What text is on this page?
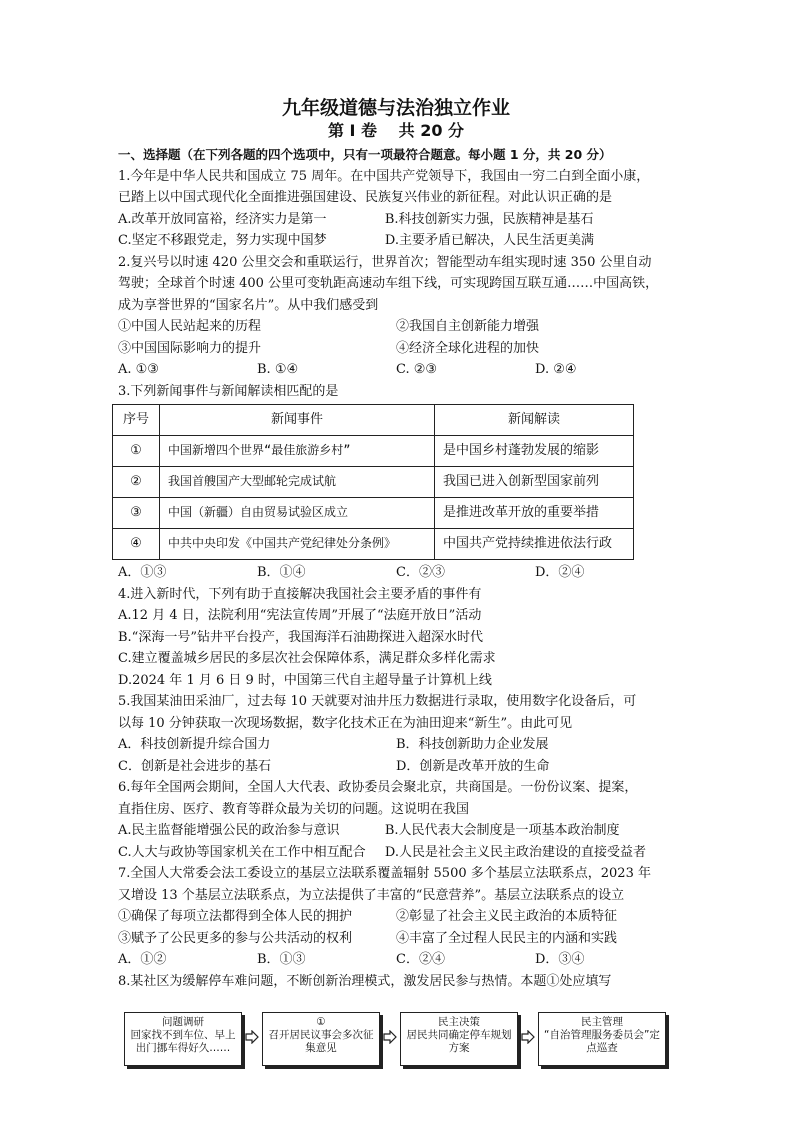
九年级道德与法治独立作业

第 I 卷　 共 20 分

一、选择题（在下列各题的四个选项中，只有一项最符合题意。每小题 1 分，共 20 分）

1.今年是中华人民共和国成立 75 周年。在中国共产党领导下，我国由一穷二白到全面小康，

已踏上以中国式现代化全面推进强国建设、民族复兴伟业的新征程。对此认识正确的是

A.改革开放同富裕，经济实力是第一	B.科技创新实力强，民族精神是基石
C.坚定不移跟党走，努力实现中国梦	D.主要矛盾已解决，人民生活更美满

2.复兴号以时速 420 公里交会和重联运行，世界首次；智能型动车组实现时速 350 公里自动

驾驶；全球首个时速 400 公里可变轨距高速动车组下线，可实现跨国互联互通……中国高铁，

成为享誉世界的“国家名片”。从中我们感受到

①中国人民站起来的历程	②我国自主创新能力增强
③中国国际影响力的提升	④经济全球化进程的加快
A. ①③	B. ①④	C. ②③	D. ②④

3.下列新闻事件与新闻解读相匹配的是

序号	新闻事件	新闻解读
①	中国新增四个世界“最佳旅游乡村”	是中国乡村蓬勃发展的缩影
②	我国首艘国产大型邮轮完成试航	我国已进入创新型国家前列
③	中国（新疆）自由贸易试验区成立	是推进改革开放的重要举措
④	中共中央印发《中国共产党纪律处分条例》	中国共产党持续推进依法行政
A．①③	B．①④	C．②③	D．②④

4.进入新时代，下列有助于直接解决我国社会主要矛盾的事件有

A.12 月 4 日，法院利用“宪法宣传周”开展了“法庭开放日”活动

B.“深海一号”钻井平台投产，我国海洋石油勘探进入超深水时代

C.建立覆盖城乡居民的多层次社会保障体系，满足群众多样化需求

D.2024 年 1 月 6 日 9 时，中国第三代自主超导量子计算机上线

5.我国某油田采油厂，过去每 10 天就要对油井压力数据进行录取，使用数字化设备后，可

以每 10 分钟获取一次现场数据，数字化技术正在为油田迎来“新生”。由此可见

A．科技创新提升综合国力	B．科技创新助力企业发展
C．创新是社会进步的基石	D．创新是改革开放的生命

6.每年全国两会期间，全国人大代表、政协委员会聚北京，共商国是。一份份议案、提案，

直指住房、医疗、教育等群众最为关切的问题。这说明在我国

A.民主监督能增强公民的政治参与意识	B.人民代表大会制度是一项基本政治制度
C.人大与政协等国家机关在工作中相互配合	D.人民是社会主义民主政治建设的直接受益者

7.全国人大常委会法工委设立的基层立法联系覆盖辐射 5500 多个基层立法联系点，2023 年

又增设 13 个基层立法联系点，为立法提供了丰富的“民意营养”。基层立法联系点的设立

①确保了每项立法都得到全体人民的拥护	②彰显了社会主义民主政治的本质特征
③赋予了公民更多的参与公共活动的权利	④丰富了全过程人民民主的内涵和实践
A．①②	B．①③	C．②④	D．③④

8.某社区为缓解停车难问题，不断创新治理模式，激发居民参与热情。本题①处应填写

问题调研
回家找不到车位、早上出门挪车得好久……
①
召开居民议事会多次征集意见
民主决策
居民共同确定停车规划方案
民主管理
“自治管理服务委员会”定点巡查
